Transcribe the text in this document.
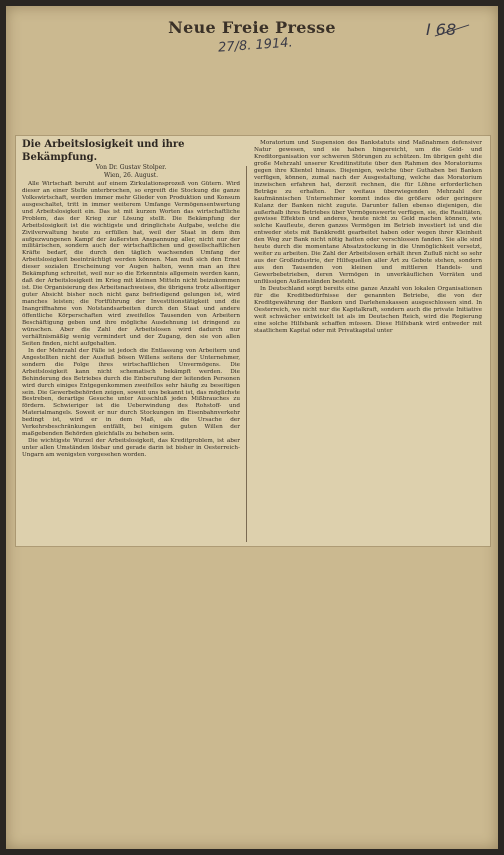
Neue Freie Presse
27/8. 1914.
I 68
Die Arbeitslosigkeit und ihre Bekämpfung.
Von Dr. Gustav Stolper.
Wien, 26. August.

Alle Wirtschaft beruht auf einem Zirkulationsprozeß von Gütern. Wird dieser an einer Stelle unterbrochen, so ergreift die Stockung die ganze Volkswirtschaft, werden immer mehr Glieder von Produktion und Konsum ausgeschaltet, tritt in immer weiterem Umfange Vermögensentwertung und Arbeitslosigkeit ein. Das ist mit kurzen Worten das wirtschaftliche Problem, das der Krieg zur Lösung stellt. Die Bekämpfung der Arbeitslosigkeit ist die wichtigste und dringlichste Aufgabe, welche die Zivilverwaltung heute zu erfüllen hat, weil der Staat in dem ihm aufgezwungenen Kampf der äußersten Anspannung aller, nicht nur der militärischen, sondern auch der wirtschaftlichen und gesellschaftlichen Kräfte bedarf, die durch den täglich wachsenden Umfang der Arbeitslosigkeit beeinträchtigt werden können. Man muß sich den Ernst dieser sozialen Erscheinung vor Augen halten, wenn man an ihre Bekämpfung schreitet, weil nur so die Erkenntnis allgemein werden kann, daß der Arbeitslosigkeit im Krieg mit kleinen Mitteln nicht beizukommen ist. Die Organisierung des Arbeitsnachweises, die übrigens trotz allseitiger guter Absicht bisher noch nicht ganz befriedigend gelungen ist, wird manches leisten; die Fortführung der Investitionstätigkeit und die Inangriffnahme von Notstandsarbeiten durch den Staat und andere öffentliche Körperschaften wird zweifellos Tausenden von Arbeitern Beschäftigung geben und ihre mögliche Ausdehnung ist dringend zu wünschen. Aber die Zahl der Arbeitslosen wird dadurch nur verhältnismäßig wenig vermindert und der Zugang, den sie von allen Seiten finden, nicht aufgehalten.

In der Mehrzahl der Fälle ist jedoch die Entlassung von Arbeitern und Angestellten nicht der Ausfluß bösen Willens seitens der Unternehmer, sondern die Folge ihres wirtschaftlichen Unvermögens. Die Arbeitslosigkeit kann nicht schematisch bekämpft werden. Die Behinderung des Betriebes durch die Einberufung der leitenden Personen wird durch einiges Entgegenkommen zweifellos sehr häufig zu beseitigen sein. Die Gewerbebehörden zeigen, soweit uns bekannt ist, das möglichste Bestreben, derartige Gesuche unter Ausschluß jeden Mißbrauches zu fördern. Schwieriger ist die Ueberwindung des Rohstoff- und Materialmangels. Soweit er nur durch Stockungen im Eisenbahnverkehr bedingt ist, wird er in dem Maß, als die Ursache der Verkehrsbeschränkungen entfällt, bei einigem guten Willen der maßgebenden Behörden gleichfalls zu beheben sein.

Die wichtigste Wurzel der Arbeitslosigkeit, das Kreditproblem, ist aber unter allen Umständen lösbar und gerade darin ist bisher in Oesterreich-Ungarn am wenigsten vorgesehen worden.

Moratorium und Suspension des Bankstatuts sind Maßnahmen defensiver Natur gewesen, und sie haben hingereicht, um die Geld- und Kreditorganisation vor schweren Störungen zu schützen. Im übrigen geht die große Mehrzahl unserer Kreditinstitute über den Rahmen des Moratoriums gegen ihre Klientel hinaus. Diejenigen, welche über Guthaben bei Banken verfügen, können, zumal nach der Ausgestaltung, welche das Moratorium inzwischen erfahren hat, derzeit rechnen, die für Löhne erforderlichen Beträge zu erhalten. Der weitaus überwiegenden Mehrzahl der kaufmännischen Unternehmer kommt indes die größere oder geringere Kulanz der Banken nicht zugute. Darunter fallen ebenso diejenigen, die außerhalb ihres Betriebes über Vermögenswerte verfügen, sie, die Realitäten, gewisse Effekten und anderes, heute nicht zu Geld machen können, wie solche Kaufleute, deren ganzes Vermögen im Betrieb investiert ist und die entweder stets mit Bankkredit gearbeitet haben oder wegen ihrer Kleinheit den Weg zur Bank nicht nötig hatten oder verschlossen fanden. Sie alle sind heute durch die momentane Absatzstockung in die Unmöglichkeit versetzt, weiter zu arbeiten. Die Zahl der Arbeitslosen erhält ihren Zufluß nicht so sehr aus der Großindustrie, der Hilfsquellen aller Art zu Gebote stehen, sondern aus den Tausenden von kleinen und mittleren Handels- und Gewerbebetrieben, deren Vermögen in unverkäuflichen Vorräten und unflüssigen Außenständen besteht.

In Deutschland sorgt bereits eine ganze Anzahl von lokalen Organisationen für die Kreditbedürfnisse der genannten Betriebe, die von der Kreditgewährung der Banken und Darlehenskassen ausgeschlossen sind. In Oesterreich, wo nicht nur die Kapitalkraft, sondern auch die private Initiative weit schwächer entwickelt ist als im Deutschen Reich, wird die Regierung eine solche Hilfsbank schaffen müssen. Diese Hilfsbank wird entweder mit staatlichem Kapital oder mit Privatkapital unter
